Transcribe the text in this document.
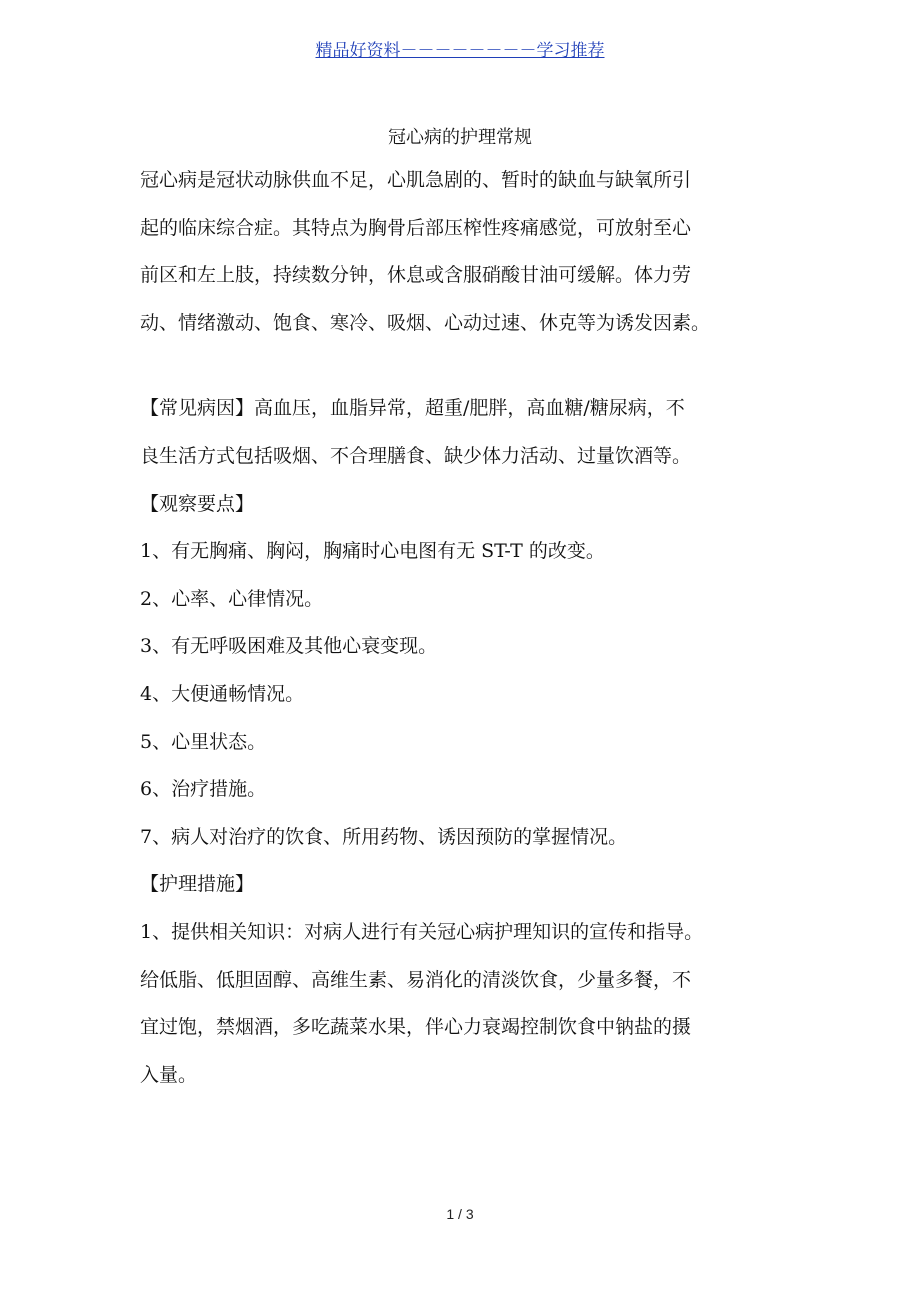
精品好资料－－－－－－－－学习推荐
冠心病的护理常规
冠心病是冠状动脉供血不足，心肌急剧的、暂时的缺血与缺氧所引
起的临床综合症。其特点为胸骨后部压榨性疼痛感觉，可放射至心
前区和左上肢，持续数分钟，休息或含服硝酸甘油可缓解。体力劳
动、情绪激动、饱食、寒冷、吸烟、心动过速、休克等为诱发因素。
【常见病因】高血压，血脂异常，超重/肥胖，高血糖/糖尿病，不
良生活方式包括吸烟、不合理膳食、缺少体力活动、过量饮酒等。
【观察要点】
1、有无胸痛、胸闷，胸痛时心电图有无 ST-T 的改变。
2、心率、心律情况。
3、有无呼吸困难及其他心衰变现。
4、大便通畅情况。
5、心里状态。
6、治疗措施。
7、病人对治疗的饮食、所用药物、诱因预防的掌握情况。
【护理措施】
1、提供相关知识：对病人进行有关冠心病护理知识的宣传和指导。
给低脂、低胆固醇、高维生素、易消化的清淡饮食，少量多餐，不
宜过饱，禁烟酒，多吃蔬菜水果，伴心力衰竭控制饮食中钠盐的摄
入量。
1 / 3
